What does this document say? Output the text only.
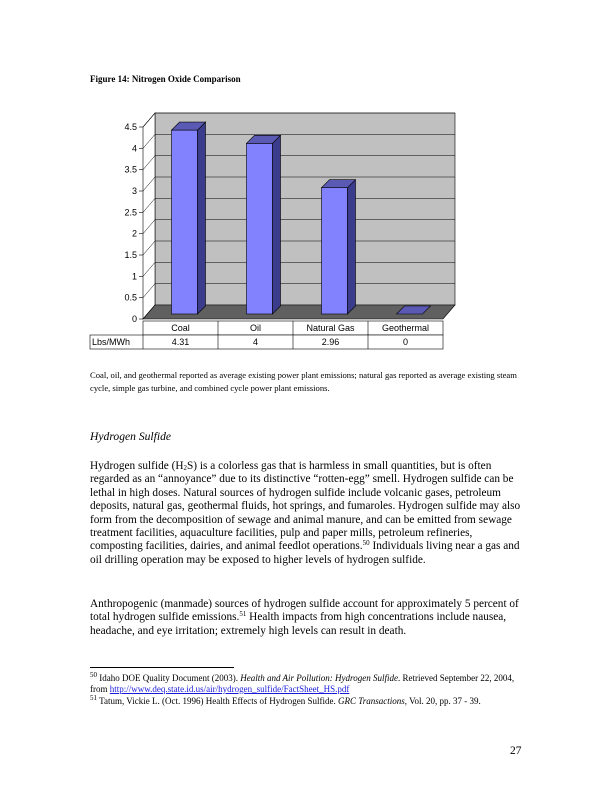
Figure 14: Nitrogen Oxide Comparison
0
0.5
1
1.5
2
2.5
3
3.5
4
4.5
Lbs/MWh
Coal
4.31
Oil
4
Natural Gas
2.96
Geothermal
0
Coal, oil, and geothermal reported as average existing power plant emissions; natural gas reported as average existing steam cycle, simple gas turbine, and combined cycle power plant emissions.
Hydrogen Sulfide
Hydrogen sulfide $(H_2S)$ is a colorless gas that is harmless in small quantities, but is often regarded as an “annoyance” due to its distinctive “rotten-egg” smell. Hydrogen sulfide can be lethal in high doses. Natural sources of hydrogen sulfide include volcanic gases, petroleum deposits, natural gas, geothermal fluids, hot springs, and fumaroles. Hydrogen sulfide may also form from the decomposition of sewage and animal manure, and can be emitted from sewage treatment facilities, aquaculture facilities, pulp and paper mills, petroleum refineries, composting facilities, dairies, and animal feedlot operations.$^{50}$ Individuals living near a gas and oil drilling operation may be exposed to higher levels of hydrogen sulfide.
Anthropogenic (manmade) sources of hydrogen sulfide account for approximately 5 percent of total hydrogen sulfide emissions.$^{51}$ Health impacts from high concentrations include nausea, headache, and eye irritation; extremely high levels can result in death.
$^{50}$ Idaho DOE Quality Document (2003). Health and Air Pollution: Hydrogen Sulfide. Retrieved September 22, 2004, from http://www.deq.state.id.us/air/hydrogen_sulfide/FactSheet_HS.pdf
$^{51}$ Tatum, Vickie L. (Oct. 1996) Health Effects of Hydrogen Sulfide. GRC Transactions, Vol. 20, pp. 37 - 39.
27
